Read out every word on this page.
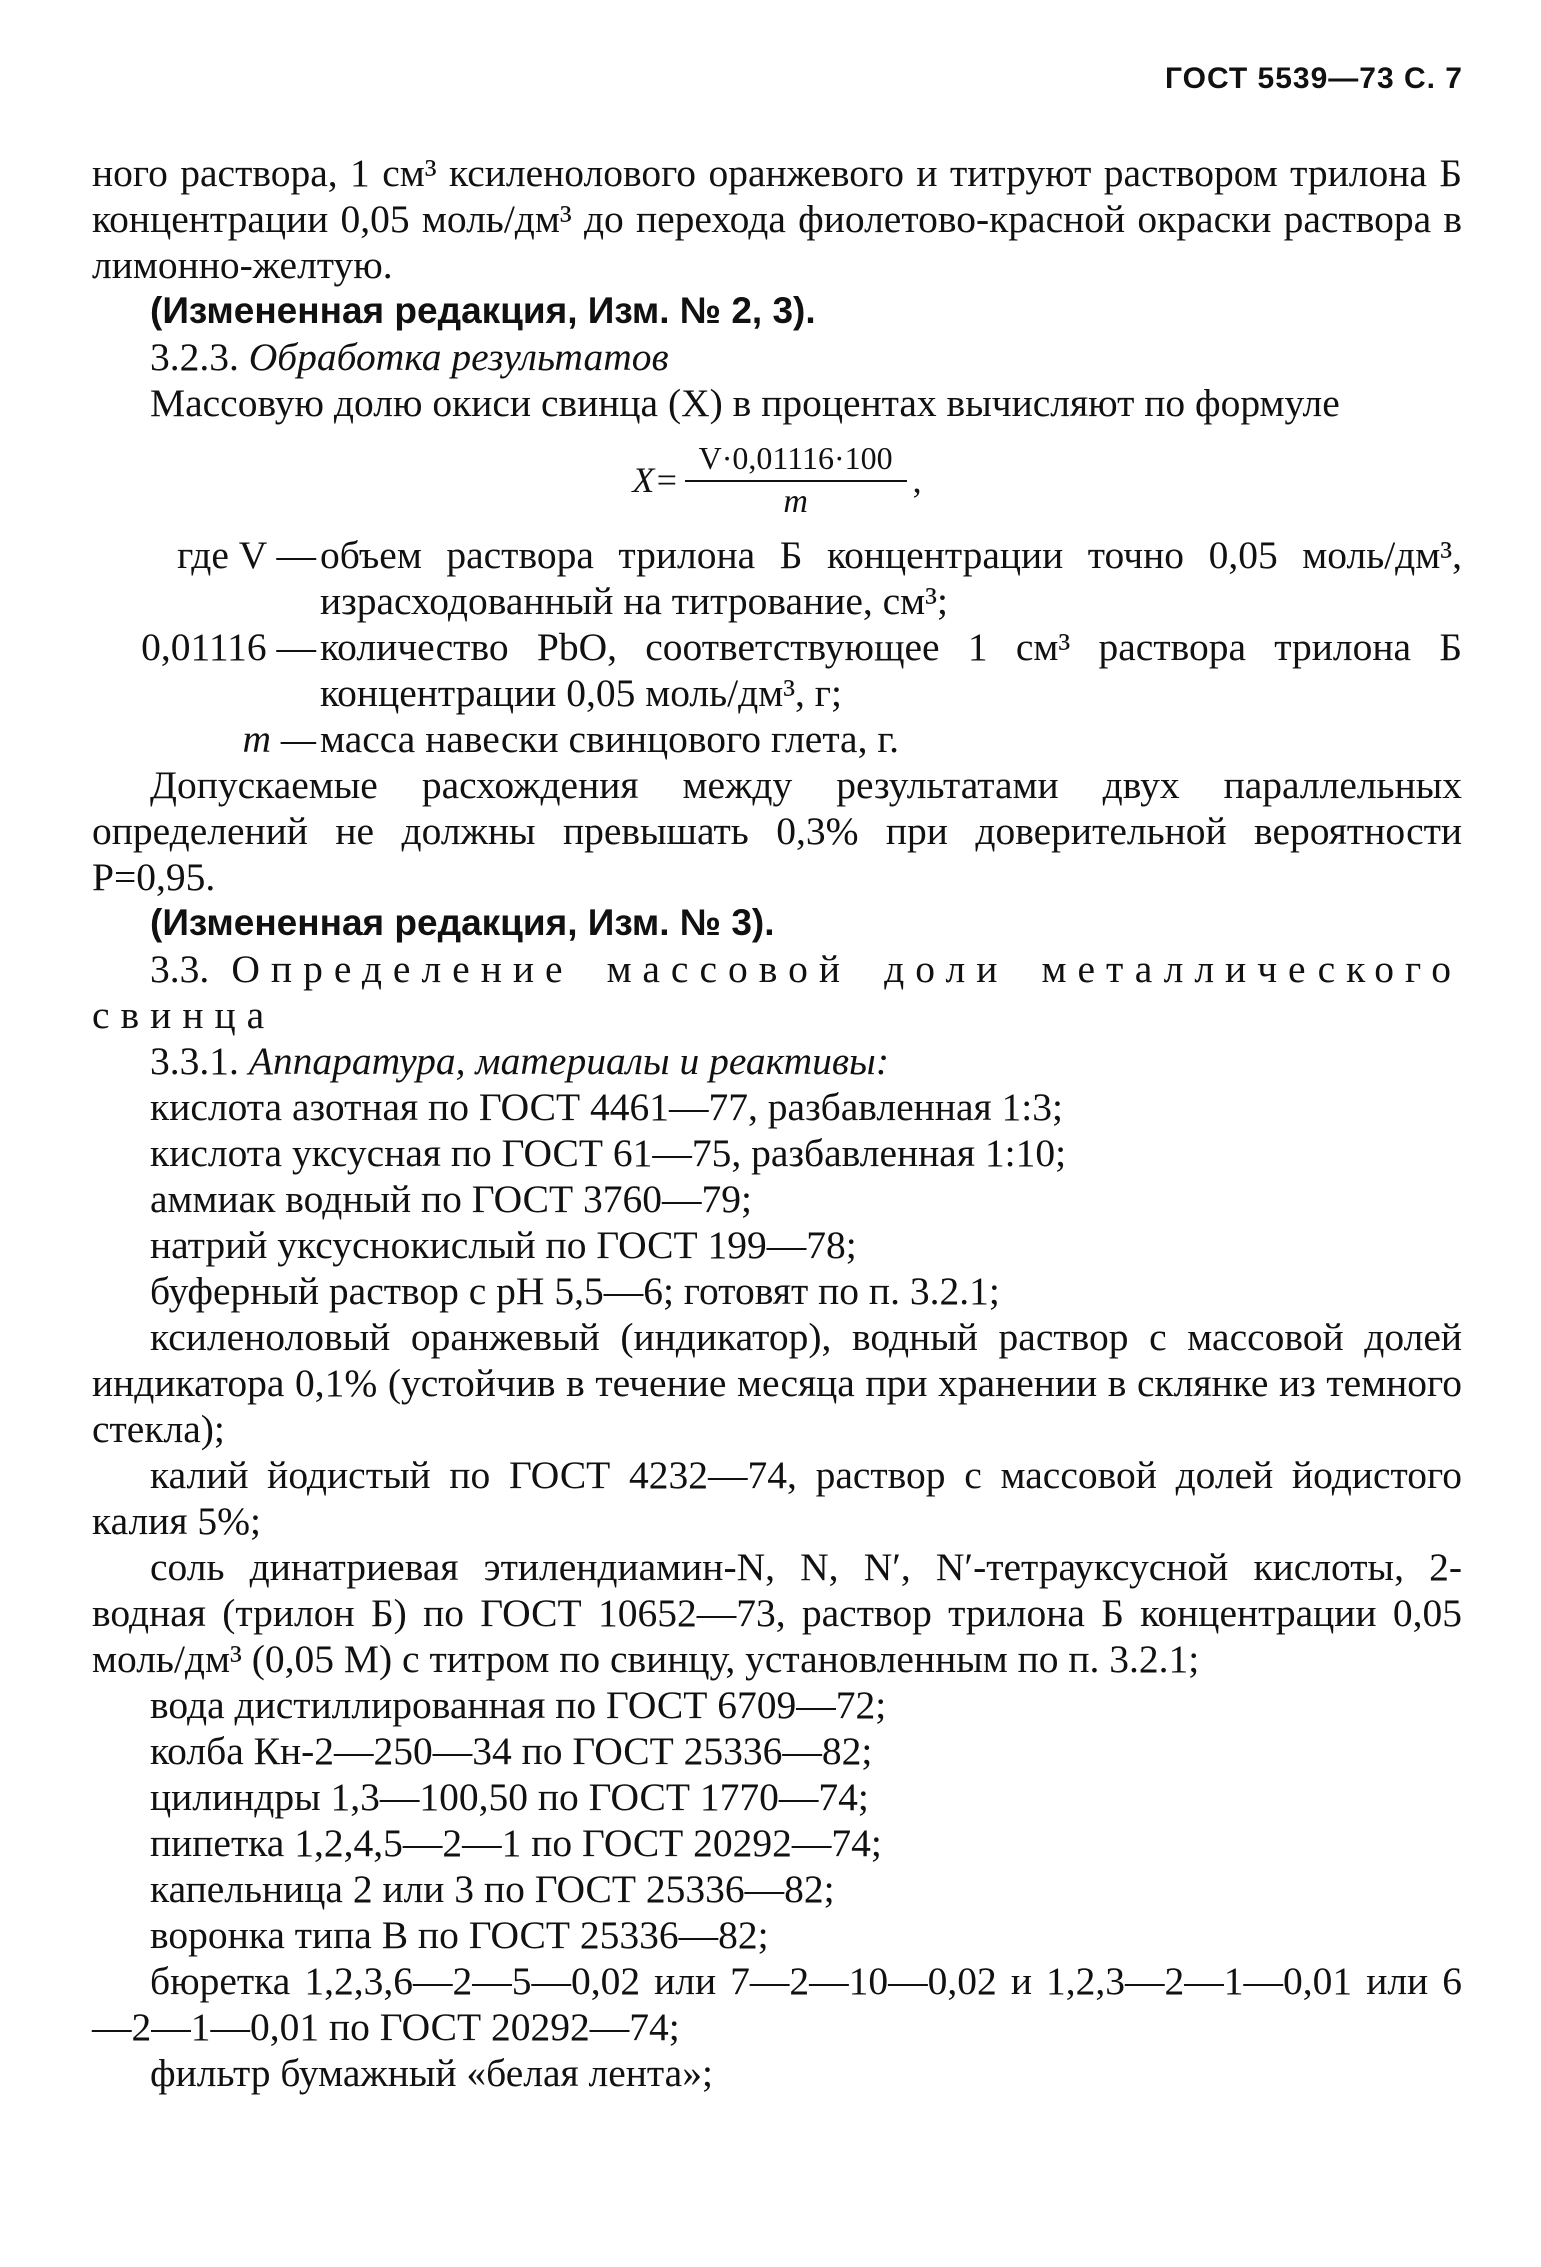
ГОСТ 5539—73 С. 7

ного раствора, 1 см³ ксиленолового оранжевого и титруют раствором трилона Б концентрации 0,05 моль/дм³ до перехода фиолетово-красной окраски раствора в лимонно-желтую.

(Измененная редакция, Изм. № 2, 3).

3.2.3. Обработка результатов

Массовую долю окиси свинца (X) в процентах вычисляют по формуле

$X= \frac{V\cdot 0,01116\cdot 100}{m}$ ,
где V — объем раствора трилона Б концентрации точно 0,05 моль/дм³, израсходованный на титрование, см³;
0,01116 — количество PbO, соответствующее 1 см³ раствора трилона Б концентрации 0,05 моль/дм³, г;
m — масса навески свинцового глета, г.

Допускаемые расхождения между результатами двух параллельных определений не должны превышать 0,3% при доверительной вероятности P=0,95.

(Измененная редакция, Изм. № 3).

3.3. Определение массовой доли металлического свинца

3.3.1. Аппаратура, материалы и реактивы:

кислота азотная по ГОСТ 4461—77, разбавленная 1:3;

кислота уксусная по ГОСТ 61—75, разбавленная 1:10;

аммиак водный по ГОСТ 3760—79;

натрий уксуснокислый по ГОСТ 199—78;

буферный раствор с pH 5,5—6; готовят по п. 3.2.1;

ксиленоловый оранжевый (индикатор), водный раствор с массовой долей индикатора 0,1% (устойчив в течение месяца при хранении в склянке из темного стекла);

калий йодистый по ГОСТ 4232—74, раствор с массовой долей йодистого калия 5%;

соль динатриевая этилендиамин-N, N, N′, N′-тетрауксусной кислоты, 2-водная (трилон Б) по ГОСТ 10652—73, раствор трилона Б концентрации 0,05 моль/дм³ (0,05 М) с титром по свинцу, установленным по п. 3.2.1;

вода дистиллированная по ГОСТ 6709—72;

колба Кн-2—250—34 по ГОСТ 25336—82;

цилиндры 1,3—100,50 по ГОСТ 1770—74;

пипетка 1,2,4,5—2—1 по ГОСТ 20292—74;

капельница 2 или 3 по ГОСТ 25336—82;

воронка типа В по ГОСТ 25336—82;

бюретка 1,2,3,6—2—5—0,02 или 7—2—10—0,02 и 1,2,3—2—1—0,01 или 6—2—1—0,01 по ГОСТ 20292—74;

фильтр бумажный «белая лента»;
